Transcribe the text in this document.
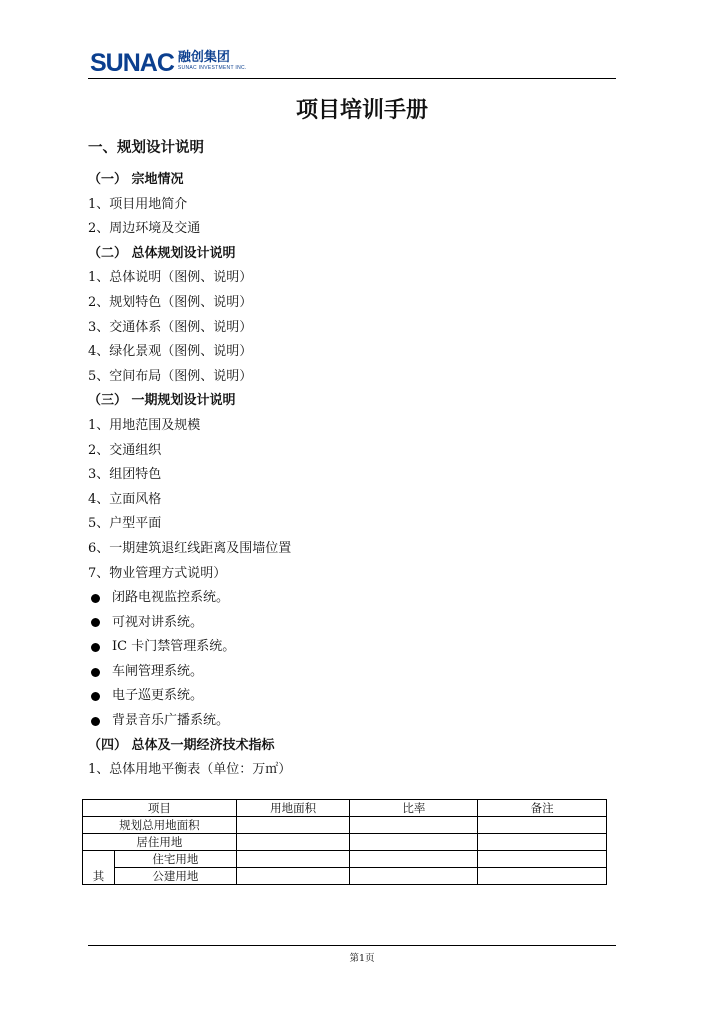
SUNAC 融创集团
SUNAC INVESTMENT INC.
项目培训手册
一、规划设计说明
（一） 宗地情况
1、项目用地简介
2、周边环境及交通
（二） 总体规划设计说明
1、总体说明（图例、说明）
2、规划特色（图例、说明）
3、交通体系（图例、说明）
4、绿化景观（图例、说明）
5、空间布局（图例、说明）
（三） 一期规划设计说明
1、用地范围及规模
2、交通组织
3、组团特色
4、立面风格
5、户型平面
6、一期建筑退红线距离及围墙位置
7、物业管理方式说明）
闭路电视监控系统。
可视对讲系统。
IC 卡门禁管理系统。
车闸管理系统。
电子巡更系统。
背景音乐广播系统。
（四） 总体及一期经济技术指标
1、总体用地平衡表（单位：万㎡）
项目		用地面积	比率	备注
规划总用地面积				
居住用地				
其	住宅用地			
	公建用地			
第1页
